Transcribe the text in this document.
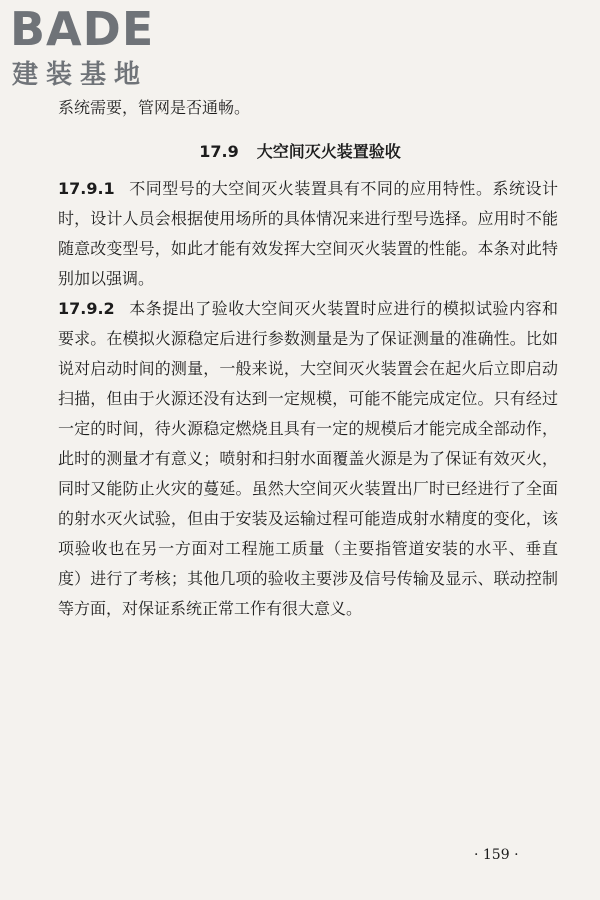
BADE
建装基地
系统需要，管网是否通畅。
17.9 大空间灭火装置验收

17.9.1 不同型号的大空间灭火装置具有不同的应用特性。系统设计时，设计人员会根据使用场所的具体情况来进行型号选择。应用时不能随意改变型号，如此才能有效发挥大空间灭火装置的性能。本条对此特别加以强调。

17.9.2 本条提出了验收大空间灭火装置时应进行的模拟试验内容和要求。在模拟火源稳定后进行参数测量是为了保证测量的准确性。比如说对启动时间的测量，一般来说，大空间灭火装置会在起火后立即启动扫描，但由于火源还没有达到一定规模，可能不能完成定位。只有经过一定的时间，待火源稳定燃烧且具有一定的规模后才能完成全部动作，此时的测量才有意义；喷射和扫射水面覆盖火源是为了保证有效灭火，同时又能防止火灾的蔓延。虽然大空间灭火装置出厂时已经进行了全面的射水灭火试验，但由于安装及运输过程可能造成射水精度的变化，该项验收也在另一方面对工程施工质量（主要指管道安装的水平、垂直度）进行了考核；其他几项的验收主要涉及信号传输及显示、联动控制等方面，对保证系统正常工作有很大意义。

· 159 ·
